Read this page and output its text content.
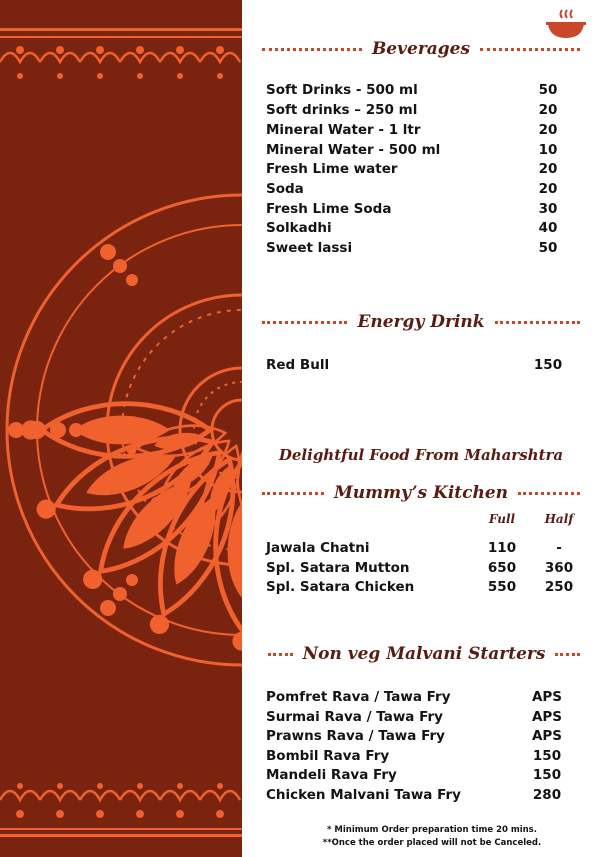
Beverages
Soft Drinks - 500 ml	50
Soft drinks – 250 ml	20
Mineral Water - 1 ltr	20
Mineral Water - 500 ml	10
Fresh Lime water	20
Soda	20
Fresh Lime Soda	30
Solkadhi	40
Sweet lassi	50
Energy Drink
Red Bull	150
Delightful Food From Maharshtra
Mummy’s Kitchen
Full	Half
Jawala Chatni	110	-
Spl. Satara Mutton	650	360
Spl. Satara Chicken	550	250
Non veg Malvani Starters
Pomfret Rava / Tawa Fry	APS
Surmai Rava / Tawa Fry	APS
Prawns Rava / Tawa Fry	APS
Bombil Rava Fry	150
Mandeli Rava Fry	150
Chicken Malvani Tawa Fry	280
* Minimum Order preparation time 20 mins.
**Once the order placed will not be Canceled.
